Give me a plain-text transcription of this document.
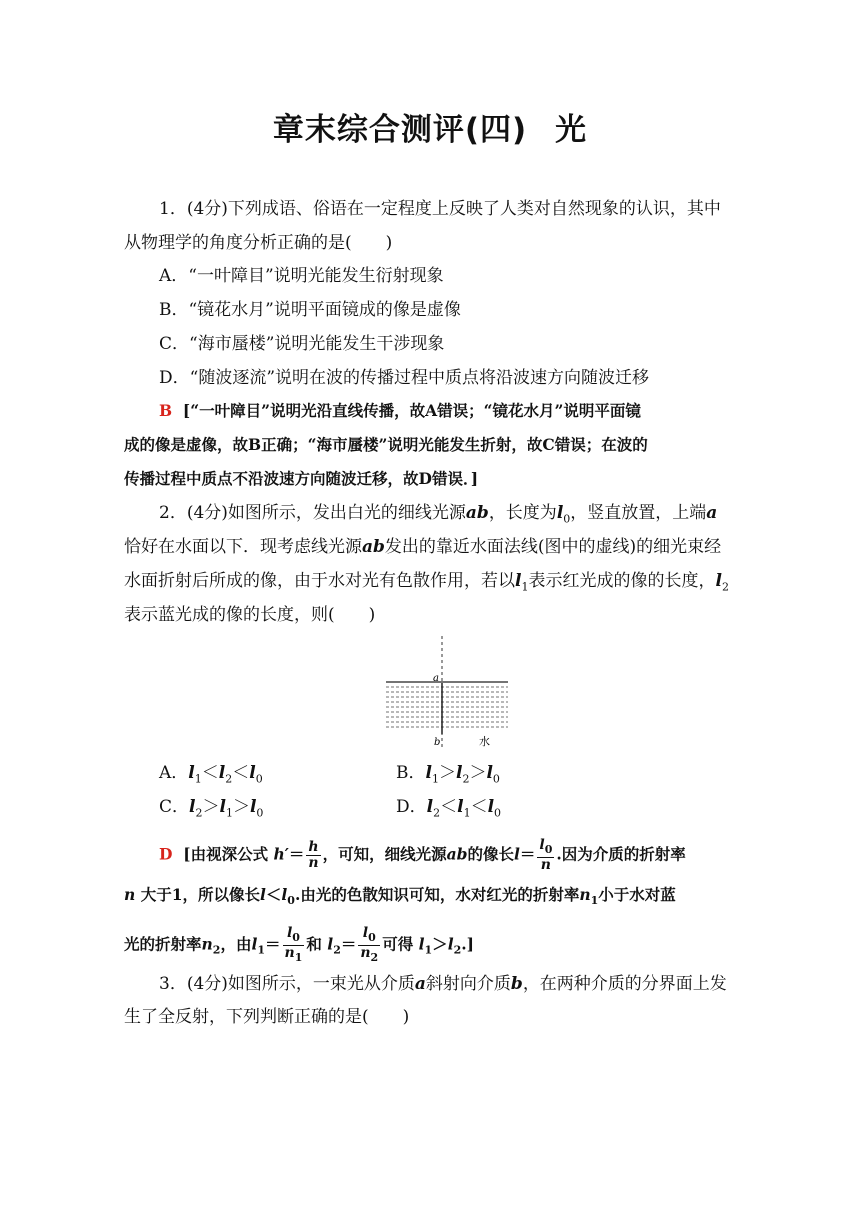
章末综合测评(四) 光
1．(4分)下列成语、俗语在一定程度上反映了人类对自然现象的认识，其中
从物理学的角度分析正确的是(　　)
A．“一叶障目”说明光能发生衍射现象
B．“镜花水月”说明平面镜成的像是虚像
C．“海市蜃楼”说明光能发生干涉现象
D．“随波逐流”说明在波的传播过程中质点将沿波速方向随波迁移
B [“一叶障目”说明光沿直线传播，故A错误；“镜花水月”说明平面镜
成的像是虚像，故B正确；“海市蜃楼”说明光能发生折射，故C错误；在波的
传播过程中质点不沿波速方向随波迁移，故D错误．]
2．(4分)如图所示，发出白光的细线光源ab，长度为$l_0$，竖直放置，上端a
恰好在水面以下．现考虑线光源ab发出的靠近水面法线(图中的虚线)的细光束经
水面折射后所成的像，由于水对光有色散作用，若以$l_1$表示红光成的像的长度，$l_2$
表示蓝光成的像的长度，则(　　)
a
b	水
A．$l_1<l_2<l_0$	B．$l_1>l_2>l_0$
C．$l_2>l_1>l_0$	D．$l_2<l_1<l_0$
D [由视深公式 $h'= \frac{h}{n}$ ，可知，细线光源ab的像长$l= \frac{l_0}{n}$ .因为介质的折射率
n 大于1，所以像长$l<l_0$.由光的色散知识可知，水对红光的折射率$n_1$小于水对蓝
光的折射率$n_2$，由$l_1= \frac{l_0}{n_1}$ 和 $l_2= \frac{l_0}{n_2}$ 可得 $l_1>l_2$.]
3．(4分)如图所示，一束光从介质a斜射向介质b，在两种介质的分界面上发
生了全反射，下列判断正确的是(　　)
